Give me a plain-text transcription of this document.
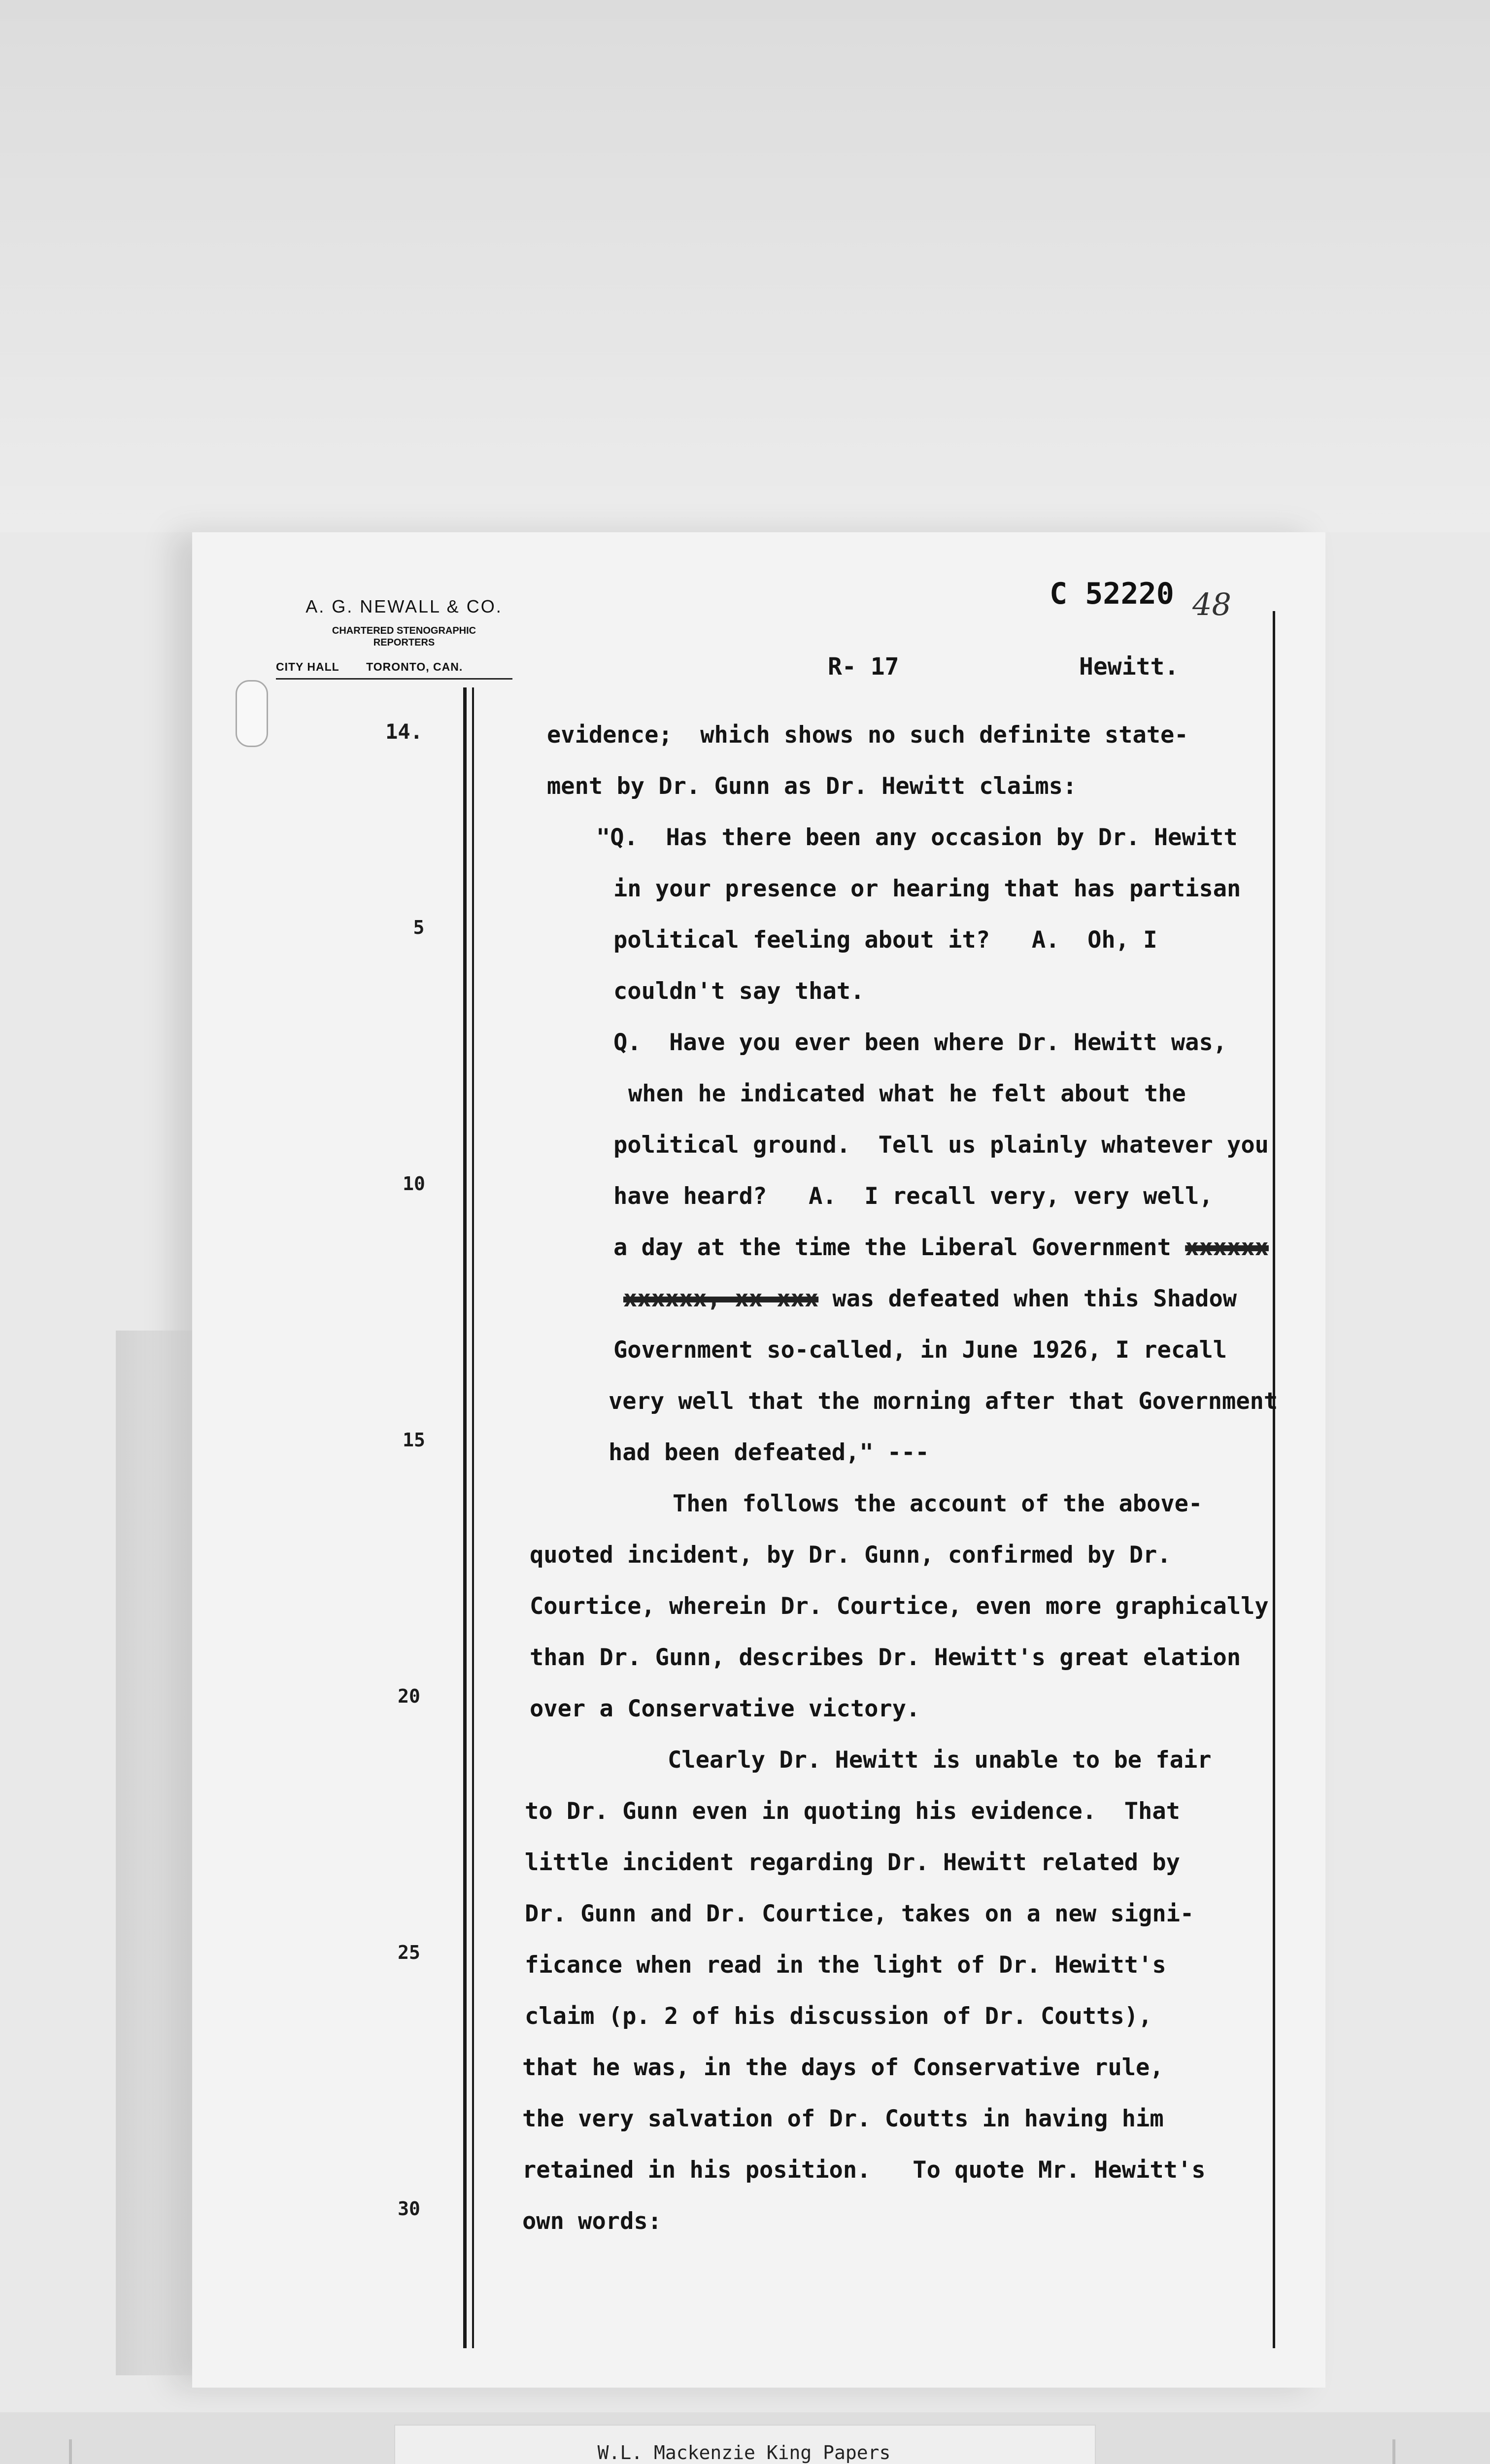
A. G. NEWALL & CO.
CHARTERED STENOGRAPHIC
REPORTERS
CITY HALL TORONTO, CAN.
C 52220 48
R- 17	Hewitt.
14.
5
10
15
20
25
30
evidence;  which shows no such definite state-
ment by Dr. Gunn as Dr. Hewitt claims:
"Q.  Has there been any occasion by Dr. Hewitt
in your presence or hearing that has partisan
political feeling about it?   A.  Oh, I
couldn't say that.
Q.  Have you ever been where Dr. Hewitt was,
when he indicated what he felt about the
political ground.  Tell us plainly whatever you
have heard?   A.  I recall very, very well,
a day at the time the Liberal Government xxxxxx
xxxxxx, xx xxx was defeated when this Shadow
Government so-called, in June 1926, I recall
very well that the morning after that Government
had been defeated," ---
Then follows the account of the above-
quoted incident, by Dr. Gunn, confirmed by Dr.
Courtice, wherein Dr. Courtice, even more graphically
than Dr. Gunn, describes Dr. Hewitt's great elation
over a Conservative victory.
Clearly Dr. Hewitt is unable to be fair
to Dr. Gunn even in quoting his evidence.  That
little incident regarding Dr. Hewitt related by
Dr. Gunn and Dr. Courtice, takes on a new signi-
ficance when read in the light of Dr. Hewitt's
claim (p. 2 of his discussion of Dr. Coutts),
that he was, in the days of Conservative rule,
the very salvation of Dr. Coutts in having him
retained in his position.   To quote Mr. Hewitt's
own words:
W.L. Mackenzie King Papers
